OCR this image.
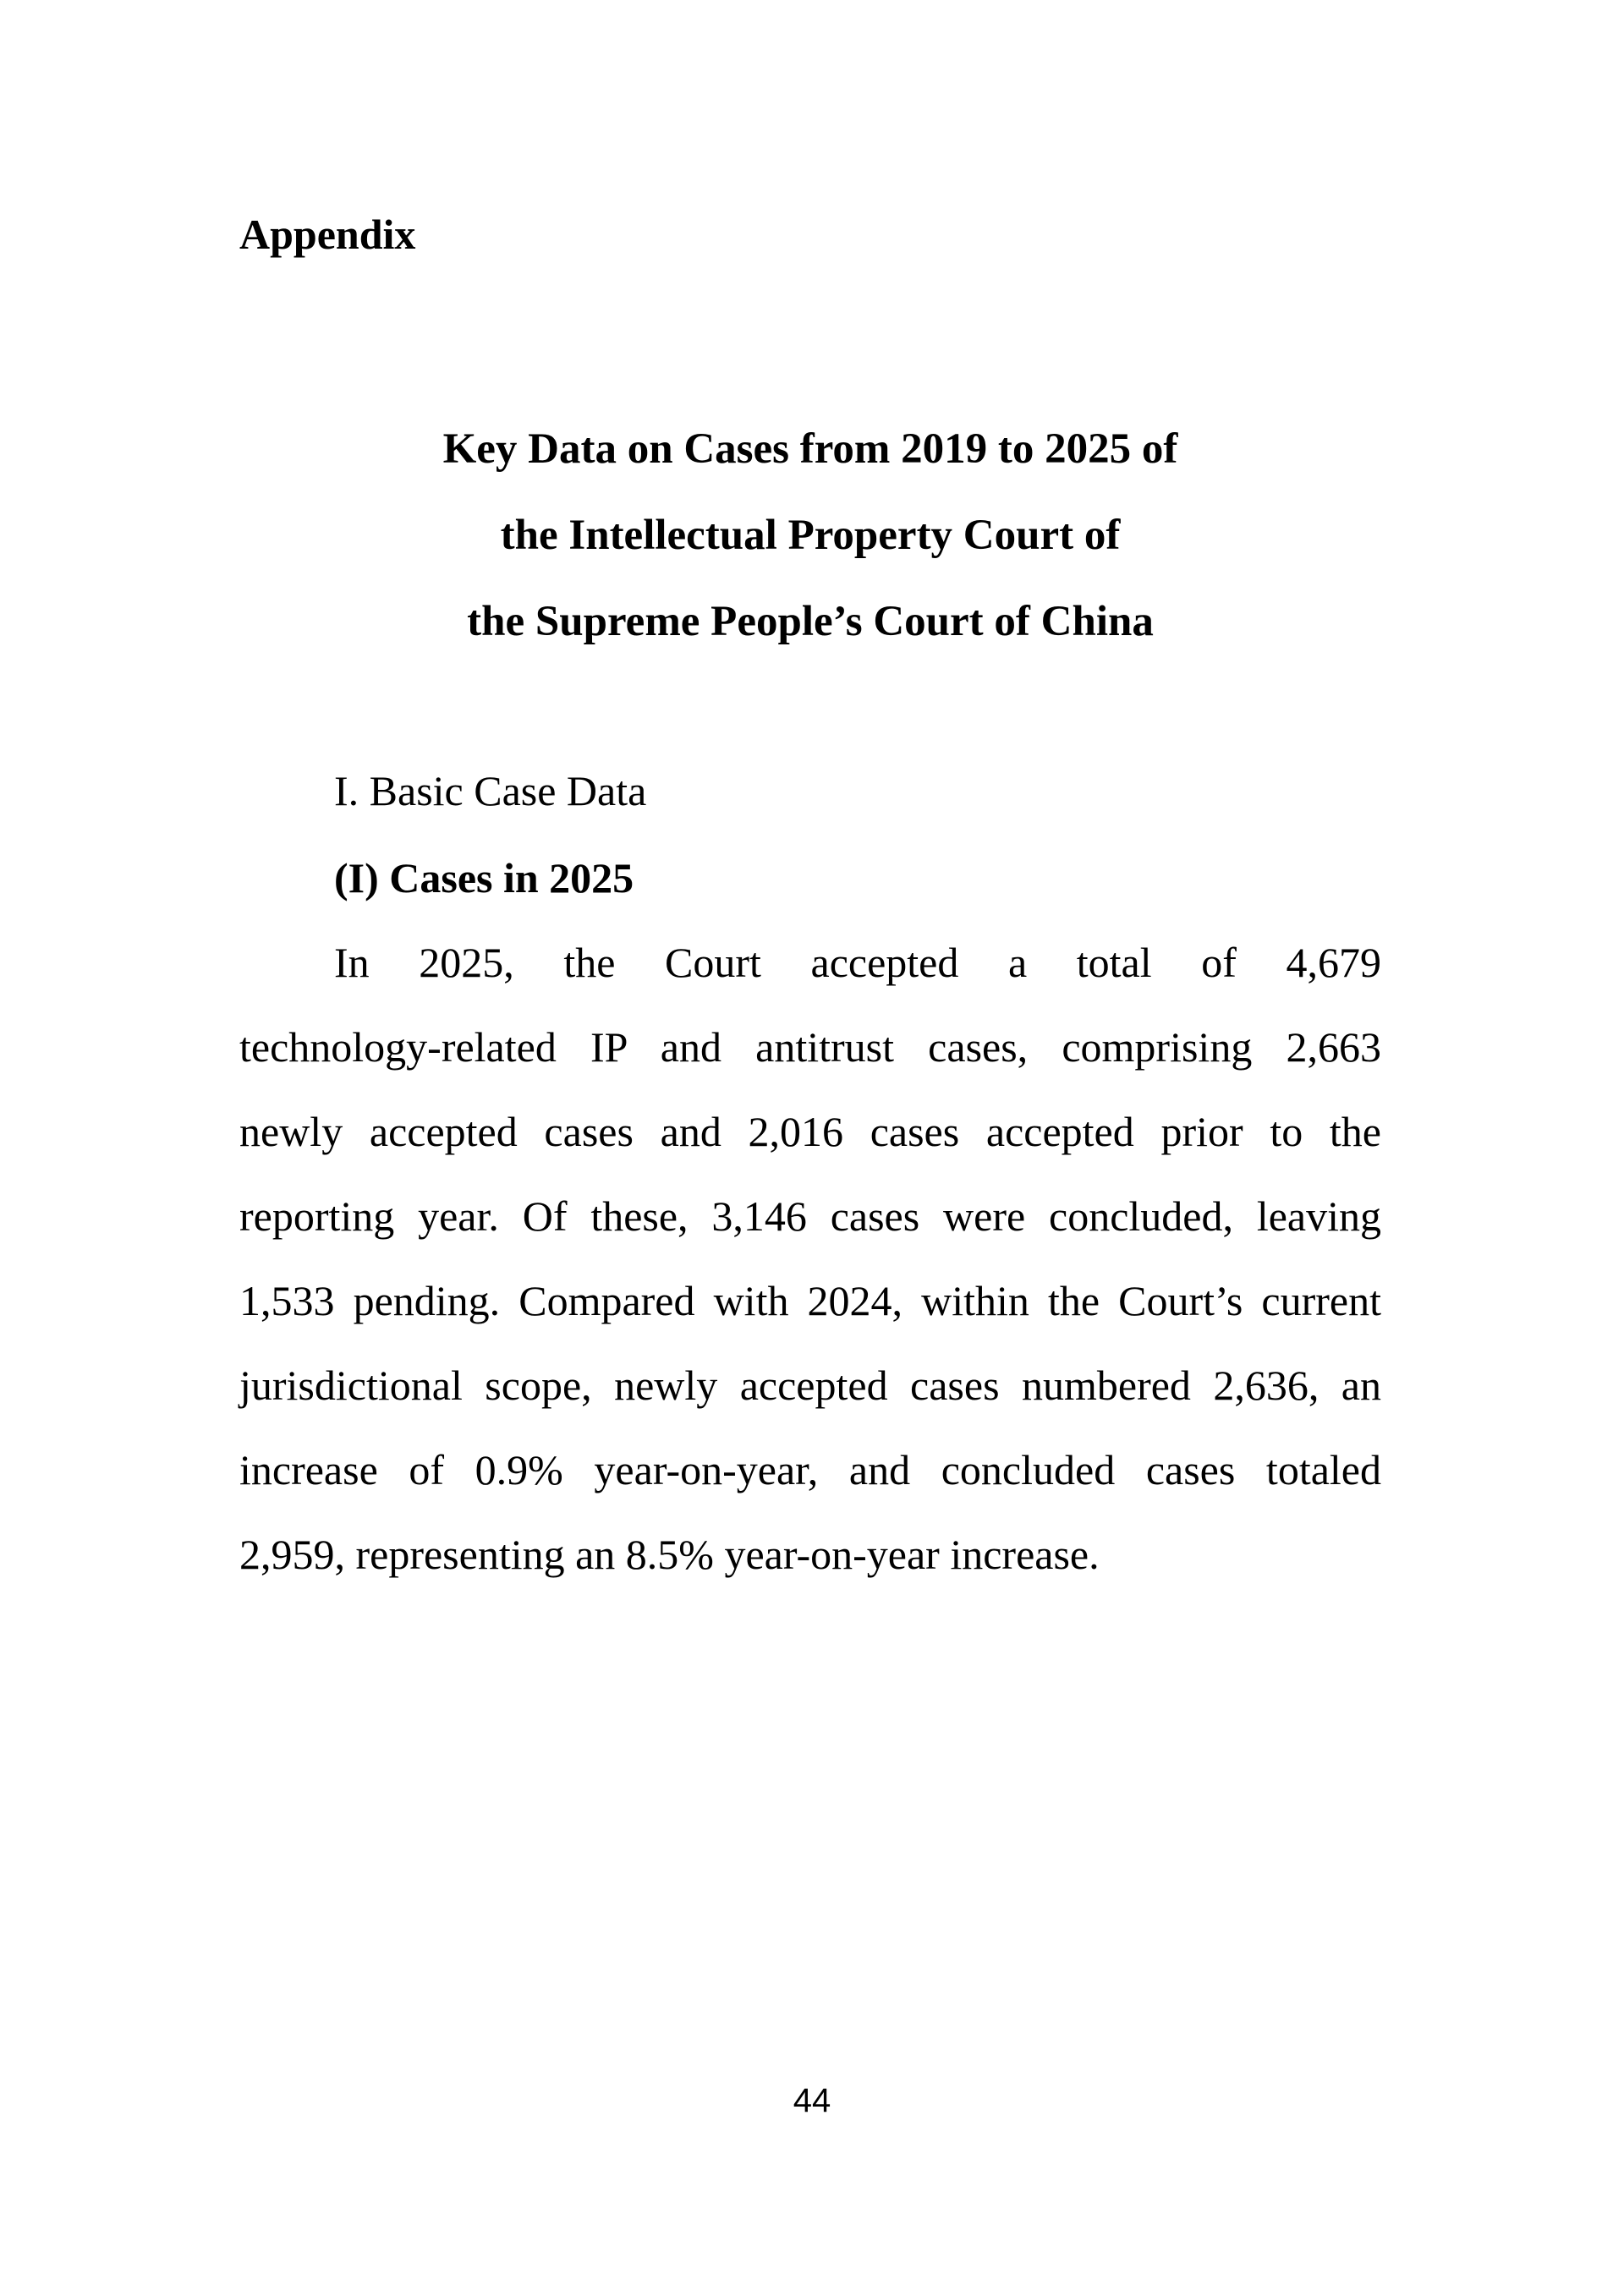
Appendix
Key Data on Cases from 2019 to 2025 of
the Intellectual Property Court of
the Supreme People’s Court of China
I. Basic Case Data
(I) Cases in 2025
In 2025, the Court accepted a total of 4,679
technology-related IP and antitrust cases, comprising 2,663
newly accepted cases and 2,016 cases accepted prior to the
reporting year. Of these, 3,146 cases were concluded, leaving
1,533 pending. Compared with 2024, within the Court’s current
jurisdictional scope, newly accepted cases numbered 2,636, an
increase of 0.9% year-on-year, and concluded cases totaled
2,959, representing an 8.5% year-on-year increase.
44
